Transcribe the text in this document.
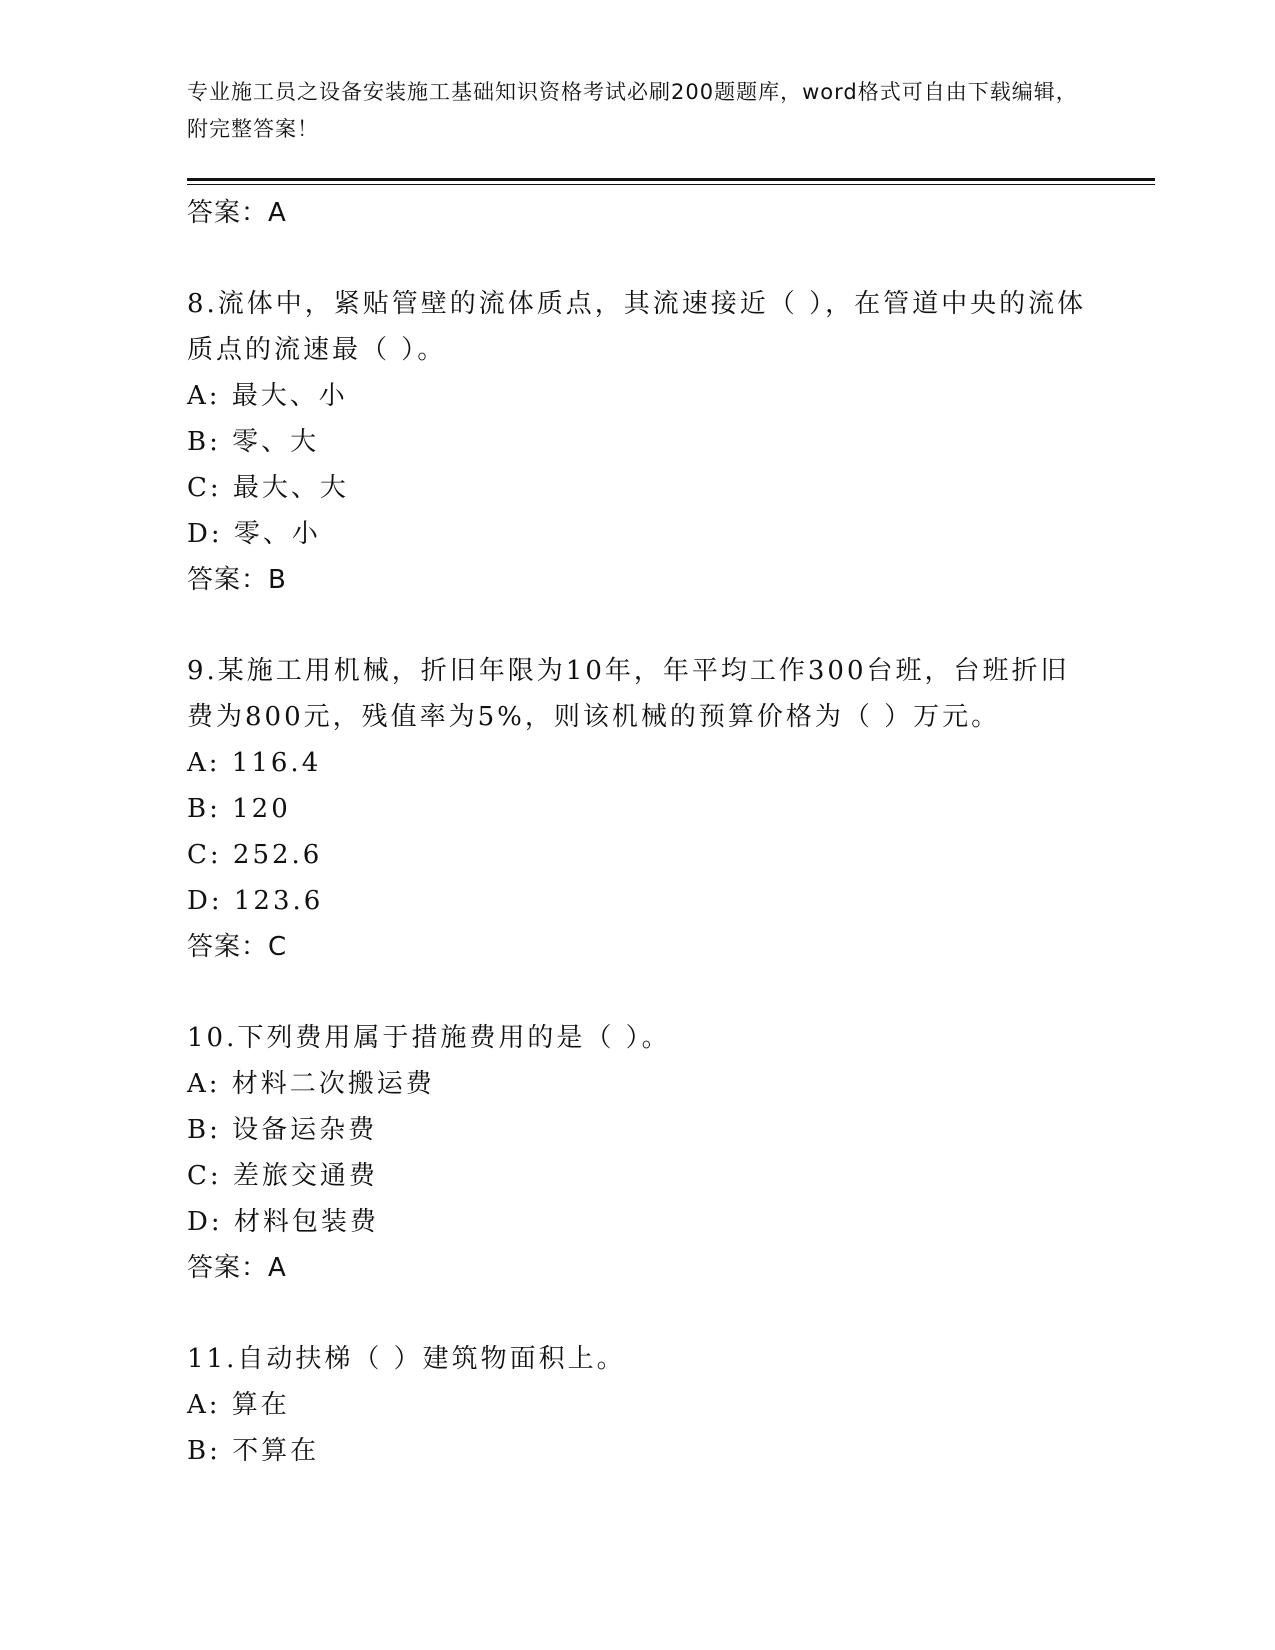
专业施工员之设备安装施工基础知识资格考试必刷200题题库，word格式可自由下载编辑，附完整答案！

答案：A

8.流体中，紧贴管壁的流体质点，其流速接近（ ），在管道中央的流体质点的流速最（ ）。

A: 最大、小

B: 零、大

C: 最大、大

D: 零、小

答案：B

9.某施工用机械，折旧年限为10年，年平均工作300台班，台班折旧费为800元，残值率为5%，则该机械的预算价格为（ ）万元。

A: 116.4

B: 120

C: 252.6

D: 123.6

答案：C

10.下列费用属于措施费用的是（ ）。

A: 材料二次搬运费

B: 设备运杂费

C: 差旅交通费

D: 材料包装费

答案：A

11.自动扶梯（ ）建筑物面积上。

A: 算在

B: 不算在
